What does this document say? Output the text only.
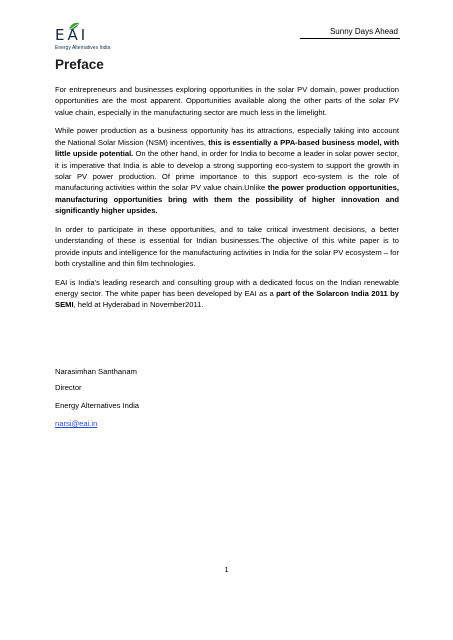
EAI
Energy Alternatives India
Sunny Days Ahead
Preface

For entrepreneurs and businesses exploring opportunities in the solar PV domain, power production opportunities are the most apparent. Opportunities available along the other parts of the solar PV value chain, especially in the manufacturing sector are much less in the limelight.

While power production as a business opportunity has its attractions, especially taking into account the National Solar Mission (NSM) incentives, this is essentially a PPA-based business model, with little upside potential. On the other hand, in order for India to become a leader in solar power sector, it is imperative that India is able to develop a strong supporting eco-system to support the growth in solar PV power production. Of prime importance to this support eco-system is the role of manufacturing activities within the solar PV value chain.Unlike the power production opportunities, manufacturing opportunities bring with them the possibility of higher innovation and significantly higher upsides.

In order to participate in these opportunities, and to take critical investment decisions, a better understanding of these is essential for Indian businesses.The objective of this white paper is to provide inputs and intelligence for the manufacturing activities in India for the solar PV ecosystem – for both crystalline and thin film technologies.

EAI is India’s leading research and consulting group with a dedicated focus on the Indian renewable energy sector. The white paper has been developed by EAI as a part of the Solarcon India 2011 by SEMI, held at Hyderabad in November2011.

Narasimhan Santhanam
Director
Energy Alternatives India
narsi@eai.in
1
